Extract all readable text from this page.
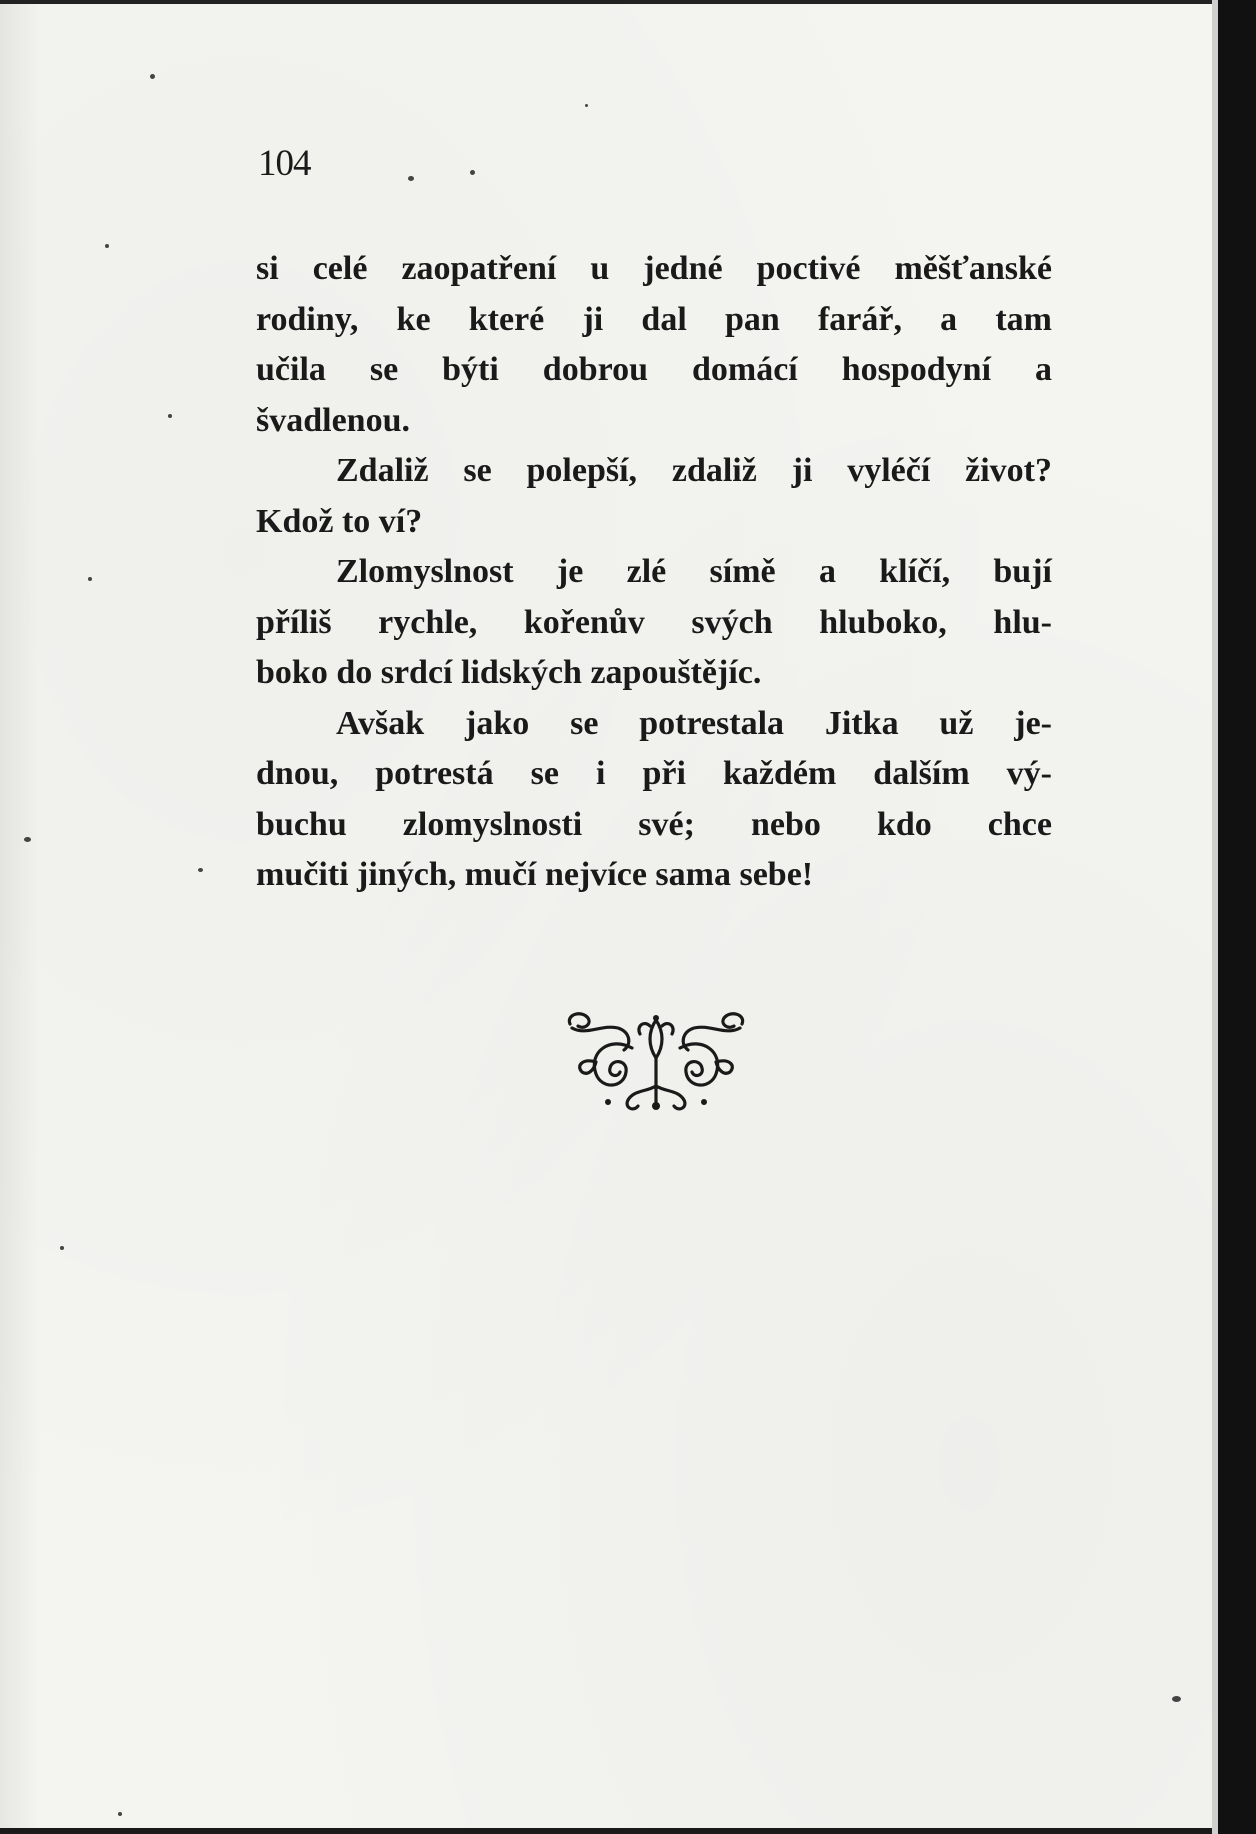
104
si celé zaopatření u jedné poctivé měšťanské
rodiny, ke které ji dal pan farář, a tam
učila se býti dobrou domácí hospodyní a
švadlenou.
Zdaliž se polepší, zdaliž ji vyléčí život?
Kdož to ví?
Zlomyslnost je zlé símě a klíčí, bují
příliš rychle, kořenův svých hluboko, hlu-
boko do srdcí lidských zapouštějíc.
Avšak jako se potrestala Jitka už je-
dnou, potrestá se i při každém dalším vý-
buchu zlomyslnosti své; nebo kdo chce
mučiti jiných, mučí nejvíce sama sebe!
